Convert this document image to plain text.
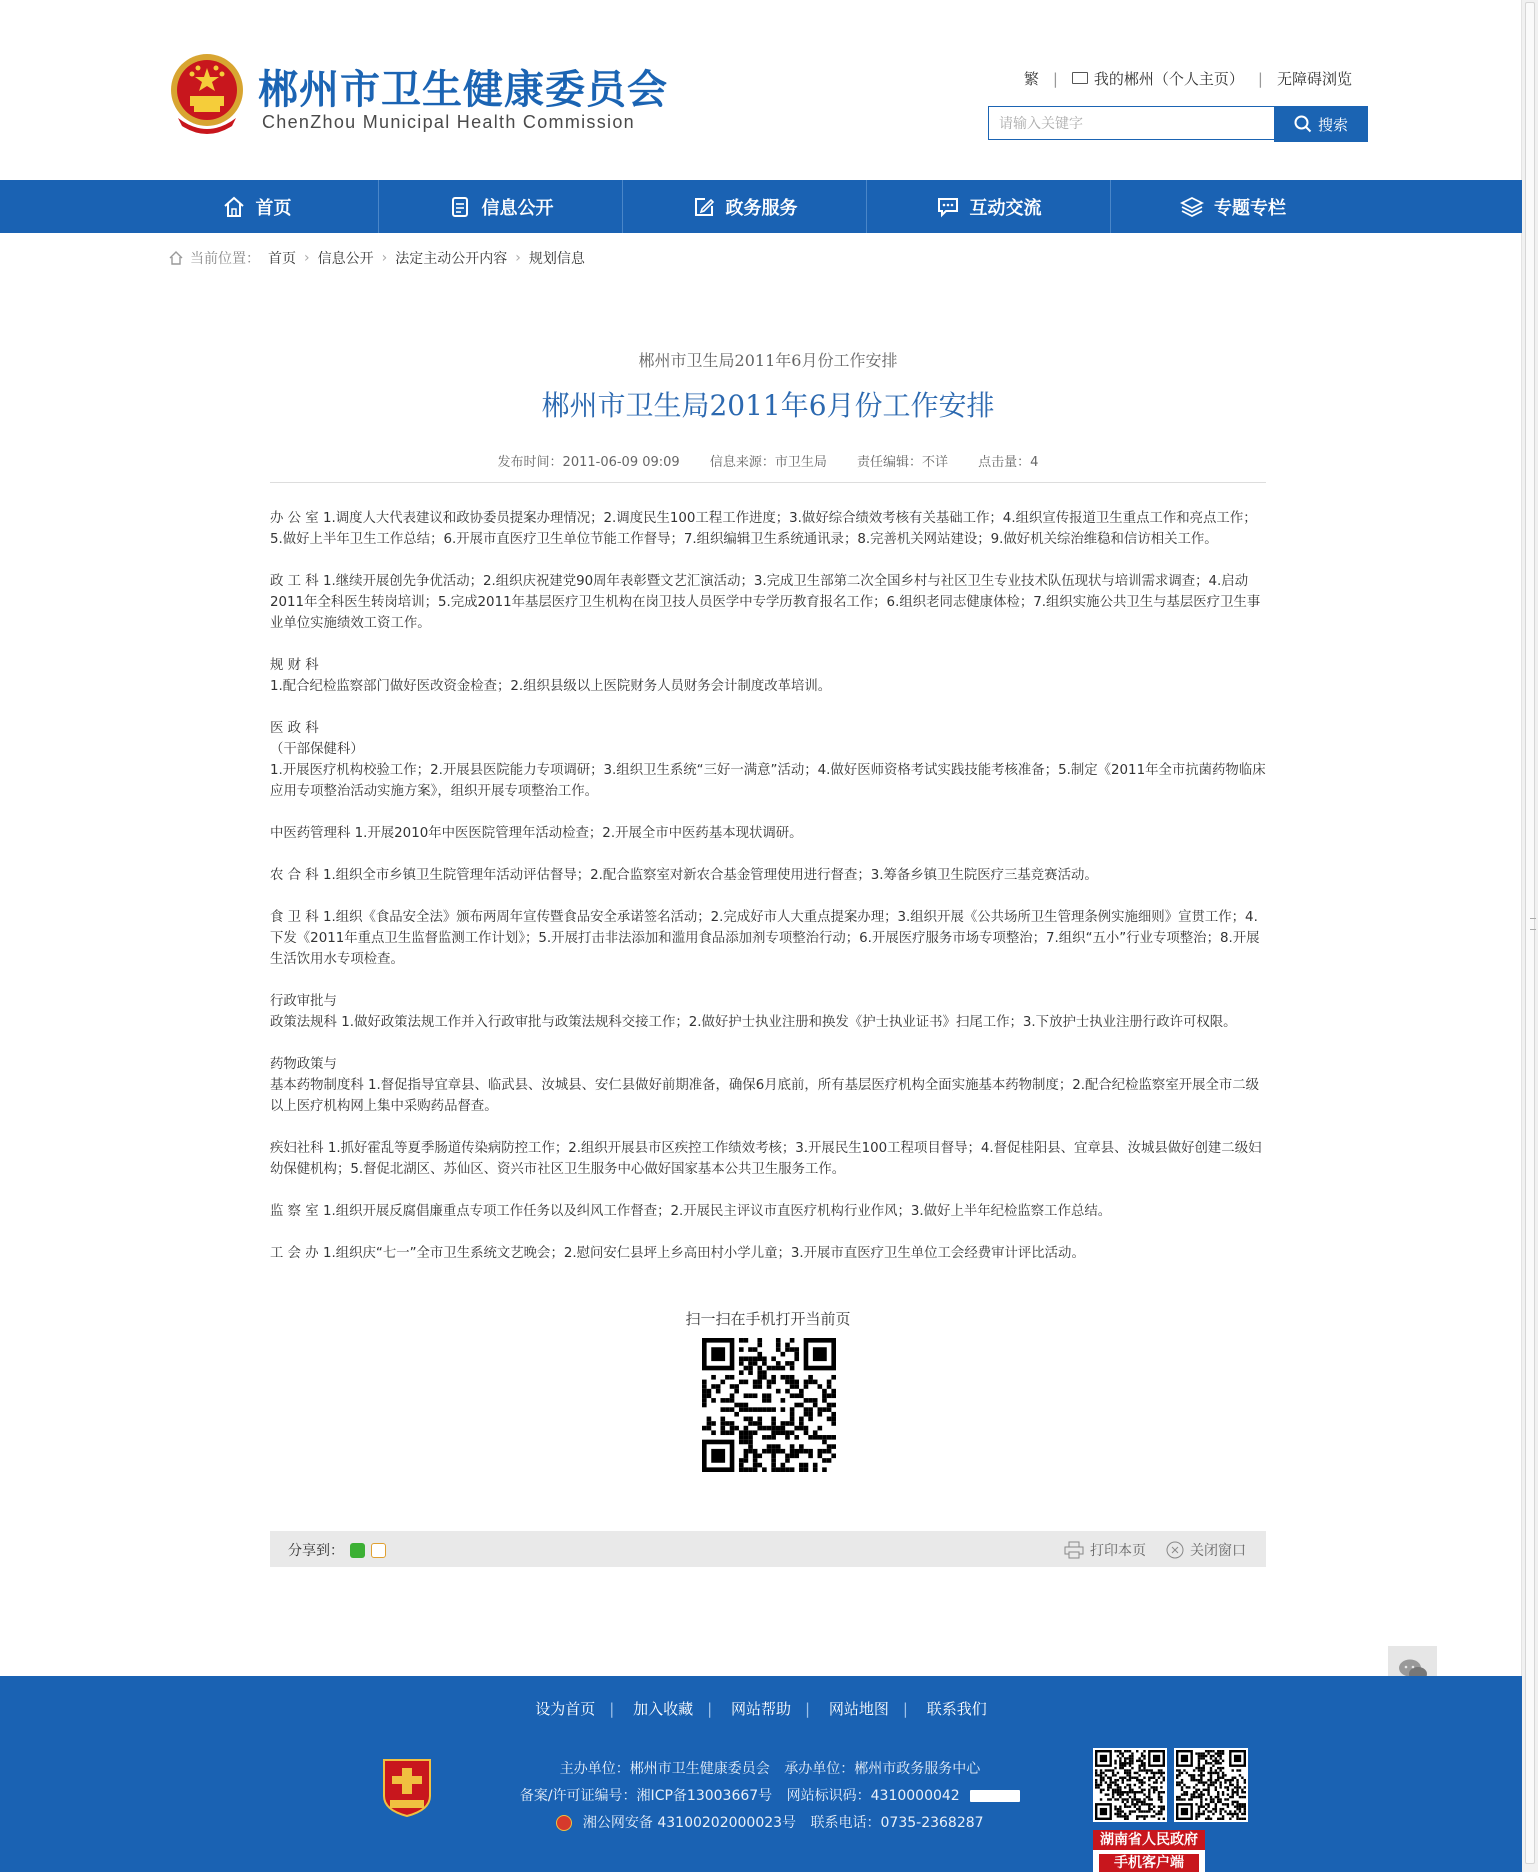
郴州市卫生健康委员会
ChenZhou Municipal Health Commission
繁 | 我的郴州（个人主页） | 无障碍浏览
请输入关键字
搜索
首页	信息公开	政务服务	互动交流	专题专栏
当前位置： 首页 › 信息公开 › 法定主动公开内容 › 规划信息
郴州市卫生局2011年6月份工作安排
郴州市卫生局2011年6月份工作安排
发布时间：2011-06-09 09:09 信息来源：市卫生局 责任编辑：不详 点击量：4

办 公 室 1.调度人大代表建议和政协委员提案办理情况；2.调度民生100工程工作进度；3.做好综合绩效考核有关基础工作；4.组织宣传报道卫生重点工作和亮点工作；5.做好上半年卫生工作总结；6.开展市直医疗卫生单位节能工作督导；7.组织编辑卫生系统通讯录；8.完善机关网站建设；9.做好机关综治维稳和信访相关工作。

政 工 科 1.继续开展创先争优活动；2.组织庆祝建党90周年表彰暨文艺汇演活动；3.完成卫生部第二次全国乡村与社区卫生专业技术队伍现状与培训需求调查；4.启动2011年全科医生转岗培训；5.完成2011年基层医疗卫生机构在岗卫技人员医学中专学历教育报名工作；6.组织老同志健康体检；7.组织实施公共卫生与基层医疗卫生事业单位实施绩效工资工作。

规 财 科
1.配合纪检监察部门做好医改资金检查；2.组织县级以上医院财务人员财务会计制度改革培训。

医 政 科
（干部保健科）
1.开展医疗机构校验工作；2.开展县医院能力专项调研；3.组织卫生系统“三好一满意”活动；4.做好医师资格考试实践技能考核准备；5.制定《2011年全市抗菌药物临床应用专项整治活动实施方案》，组织开展专项整治工作。

中医药管理科 1.开展2010年中医医院管理年活动检查；2.开展全市中医药基本现状调研。

农 合 科 1.组织全市乡镇卫生院管理年活动评估督导；2.配合监察室对新农合基金管理使用进行督查；3.筹备乡镇卫生院医疗三基竞赛活动。

食 卫 科 1.组织《食品安全法》颁布两周年宣传暨食品安全承诺签名活动；2.完成好市人大重点提案办理；3.组织开展《公共场所卫生管理条例实施细则》宣贯工作；4.下发《2011年重点卫生监督监测工作计划》；5.开展打击非法添加和滥用食品添加剂专项整治行动；6.开展医疗服务市场专项整治；7.组织“五小”行业专项整治；8.开展生活饮用水专项检查。

行政审批与
政策法规科 1.做好政策法规工作并入行政审批与政策法规科交接工作；2.做好护士执业注册和换发《护士执业证书》扫尾工作；3.下放护士执业注册行政许可权限。

药物政策与
基本药物制度科 1.督促指导宜章县、临武县、汝城县、安仁县做好前期准备，确保6月底前，所有基层医疗机构全面实施基本药物制度；2.配合纪检监察室开展全市二级以上医疗机构网上集中采购药品督查。

疾妇社科 1.抓好霍乱等夏季肠道传染病防控工作；2.组织开展县市区疾控工作绩效考核；3.开展民生100工程项目督导；4.督促桂阳县、宜章县、汝城县做好创建二级妇幼保健机构；5.督促北湖区、苏仙区、资兴市社区卫生服务中心做好国家基本公共卫生服务工作。

监 察 室 1.组织开展反腐倡廉重点专项工作任务以及纠风工作督查；2.开展民主评议市直医疗机构行业作风；3.做好上半年纪检监察工作总结。

工 会 办 1.组织庆“七一”全市卫生系统文艺晚会；2.慰问安仁县坪上乡高田村小学儿童；3.开展市直医疗卫生单位工会经费审计评比活动。

扫一扫在手机打开当前页
分享到：	打印本页	关闭窗口
设为首页 | 加入收藏 | 网站帮助 | 网站地图 | 联系我们
主办单位：郴州市卫生健康委员会 承办单位：郴州市政务服务中心
备案/许可证编号：湘ICP备13003667号 网站标识码：4310000042
湘公网安备 43100202000023号 联系电话：0735-2368287
湖南省人民政府
手机客户端
